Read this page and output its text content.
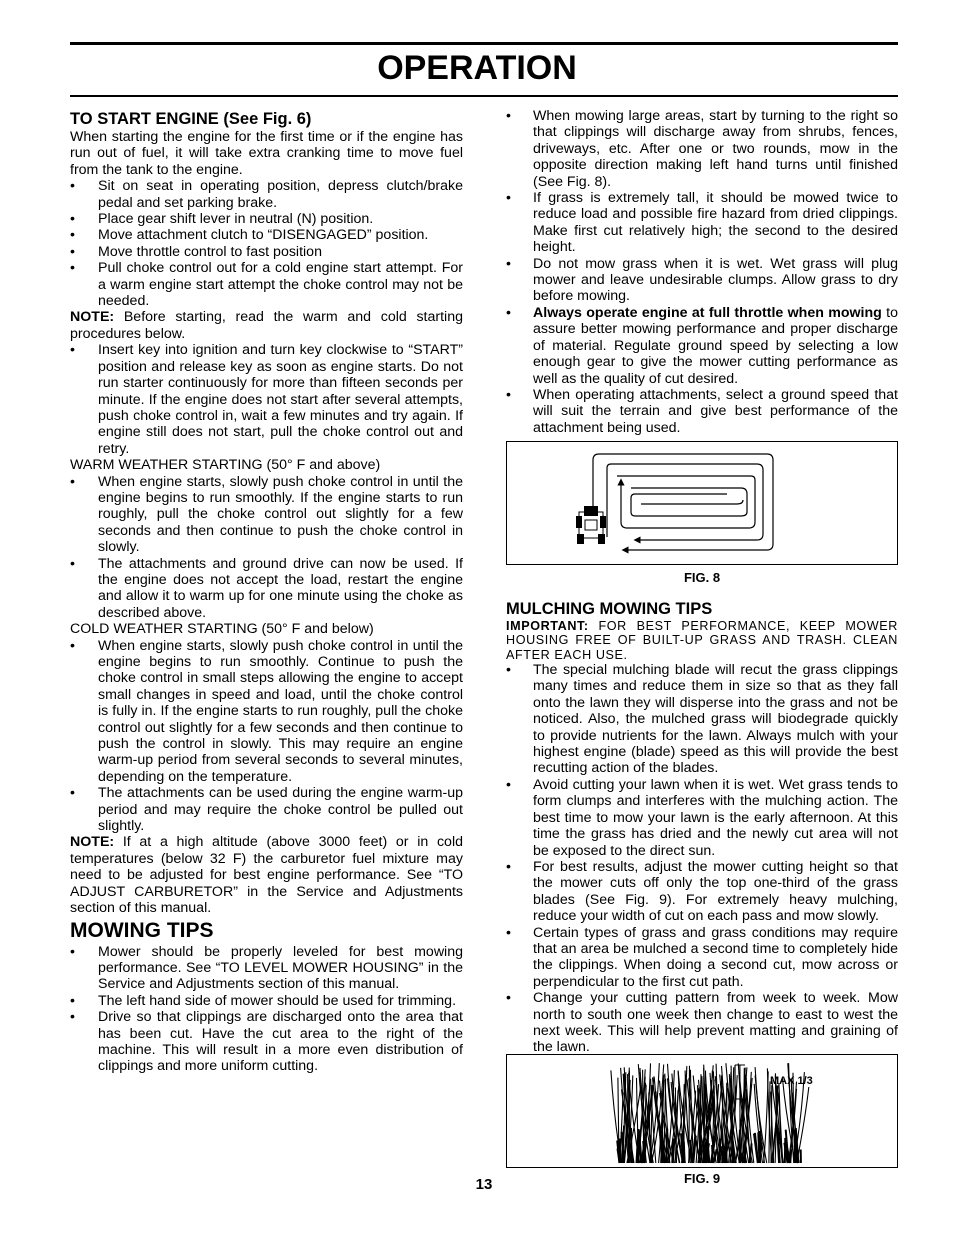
OPERATION
TO START ENGINE (See Fig. 6)

When starting the engine for the first time or if the engine has run out of fuel, it will take extra cranking time to move fuel from the tank to the engine.

• Sit on seat in operating position, depress clutch/brake pedal and set parking brake.
• Place gear shift lever in neutral (N) position.
• Move attachment clutch to “DISENGAGED” position.
• Move throttle control to fast position
• Pull choke control out for a cold engine start attempt. For a warm engine start attempt the choke control may not be needed.

NOTE: Before starting, read the warm and cold starting procedures below.

• Insert key into ignition and turn key clockwise to “START” position and release key as soon as engine starts. Do not run starter continuously for more than fifteen seconds per minute. If the engine does not start after several attempts, push choke control in, wait a few minutes and try again. If engine still does not start, pull the choke control out and retry.
WARM WEATHER STARTING (50° F and above)
• When engine starts, slowly push choke control in until the engine begins to run smoothly. If the engine starts to run roughly, pull the choke control out slightly for a few seconds and then continue to push the choke control in slowly.
• The attachments and ground drive can now be used. If the engine does not accept the load, restart the engine and allow it to warm up for one minute using the choke as described above.
COLD WEATHER STARTING (50° F and below)
• When engine starts, slowly push choke control in until the engine begins to run smoothly. Continue to push the choke control in small steps allowing the engine to accept small changes in speed and load, until the choke control is fully in. If the engine starts to run roughly, pull the choke control out slightly for a few seconds and then continue to push the control in slowly. This may require an engine warm-up period from several seconds to several minutes, depending on the temperature.
• The attachments can be used during the engine warm-up period and may require the choke control be pulled out slightly.

NOTE: If at a high altitude (above 3000 feet) or in cold temperatures (below 32 F) the carburetor fuel mixture may need to be adjusted for best engine performance. See “TO ADJUST CARBURETOR” in the Service and Adjustments section of this manual.

MOWING TIPS
• Mower should be properly leveled for best mowing performance. See “TO LEVEL MOWER HOUSING” in the Service and Adjustments section of this manual.
• The left hand side of mower should be used for trimming.
• Drive so that clippings are discharged onto the area that has been cut. Have the cut area to the right of the machine. This will result in a more even distribution of clippings and more uniform cutting.
• When mowing large areas, start by turning to the right so that clippings will discharge away from shrubs, fences, driveways, etc. After one or two rounds, mow in the opposite direction making left hand turns until finished (See Fig. 8).
• If grass is extremely tall, it should be mowed twice to reduce load and possible fire hazard from dried clippings. Make first cut relatively high; the second to the desired height.
• Do not mow grass when it is wet. Wet grass will plug mower and leave undesirable clumps. Allow grass to dry before mowing.
• Always operate engine at full throttle when mowing to assure better mowing performance and proper discharge of material. Regulate ground speed by selecting a low enough gear to give the mower cutting performance as well as the quality of cut desired.
• When operating attachments, select a ground speed that will suit the terrain and give best performance of the attachment being used.
FIG. 8
MULCHING MOWING TIPS
IMPORTANT: FOR BEST PERFORMANCE, KEEP MOWER HOUSING FREE OF BUILT-UP GRASS AND TRASH. CLEAN AFTER EACH USE.
• The special mulching blade will recut the grass clippings many times and reduce them in size so that as they fall onto the lawn they will disperse into the grass and not be noticed. Also, the mulched grass will biodegrade quickly to provide nutrients for the lawn. Always mulch with your highest engine (blade) speed as this will provide the best recutting action of the blades.
• Avoid cutting your lawn when it is wet. Wet grass tends to form clumps and interferes with the mulching action. The best time to mow your lawn is the early afternoon. At this time the grass has dried and the newly cut area will not be exposed to the direct sun.
• For best results, adjust the mower cutting height so that the mower cuts off only the top one-third of the grass blades (See Fig. 9). For extremely heavy mulching, reduce your width of cut on each pass and mow slowly.
• Certain types of grass and grass conditions may require that an area be mulched a second time to completely hide the clippings. When doing a second cut, mow across or perpendicular to the first cut path.
• Change your cutting pattern from week to week. Mow north to south one week then change to east to west the next week. This will help prevent matting and graining of the lawn.
MAX 1/3
FIG. 9
13
